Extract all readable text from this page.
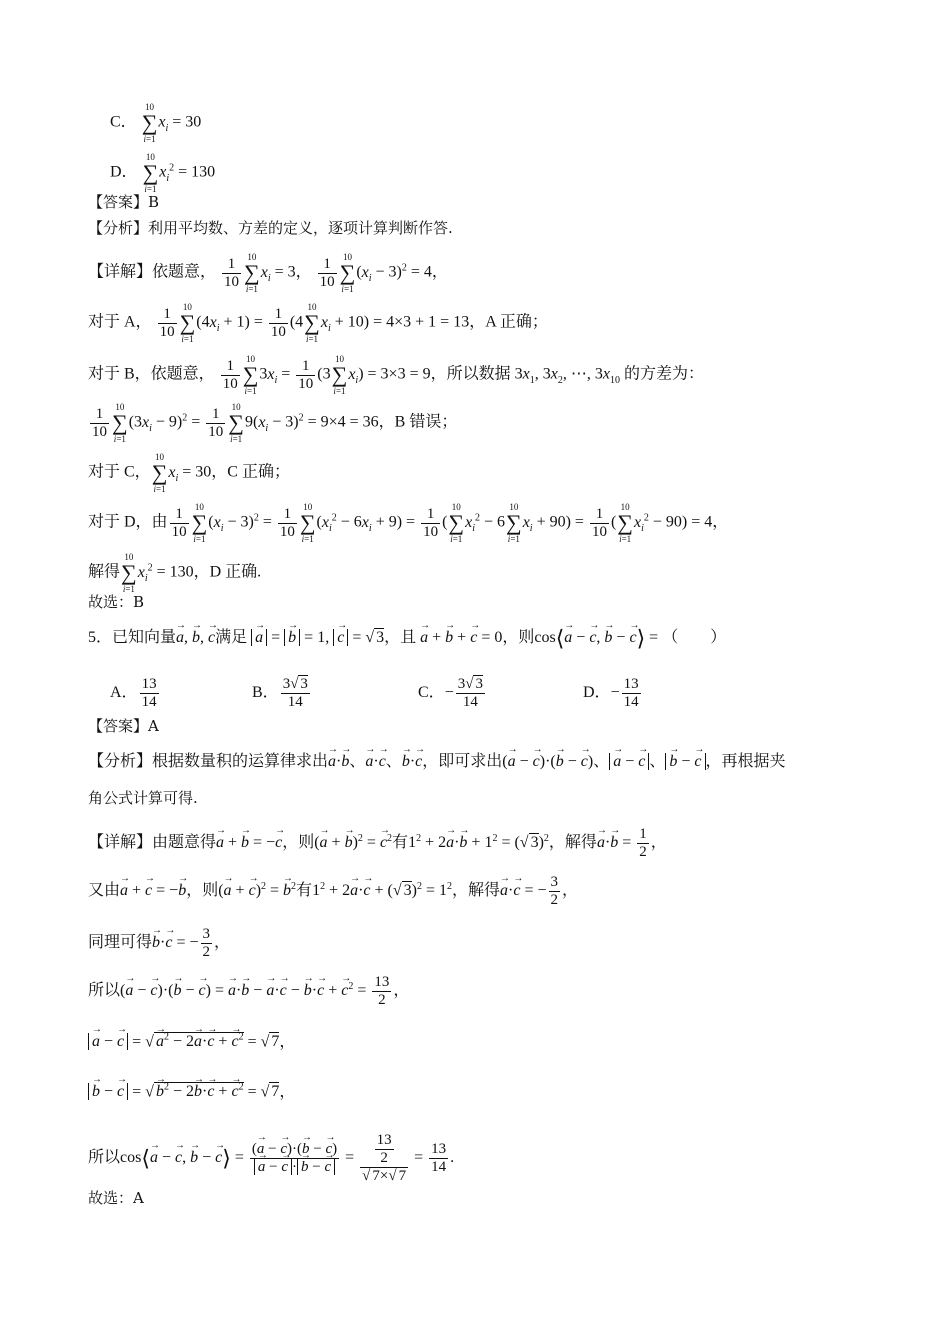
C．
10
∑
i=1
$x_i = 30$
D．
10
∑
i=1
$x_i^2 = 130$
【答案】B
【分析】利用平均数、方差的定义，逐项计算判断作答.
【详解】依题意， $\frac{1}{10} 10$
∑
i=1
$x_i = 3$， $\frac{1}{10} 10$
∑
i=1
$(x_i - 3)^2 = 4$，
对于 A， $\frac{1}{10} 10$
∑
i=1
$(4x_i + 1) = \frac{1}{10} (4$
10
∑
i=1
$x_i + 10) = 4\times 3 + 1 = 13$，A 正确；
对于 B，依题意， $\frac{1}{10} 10$
∑
i=1
$3x_i = \frac{1}{10} (3$
10
∑
i=1
$x_i) = 3\times 3 = 9$，所以数据 $3x_1$, $3x_2$, ⋯, $3x_{10}$ 的方差为：
$\frac{1}{10} 10$
∑
i=1
$(3x_i - 9)^2 = \frac{1}{10} 10$
∑
i=1
$9(x_i - 3)^2 = 9\times 4 = 36$，B 错误；
对于 C，
10
∑
i=1
$x_i = 30$，C 正确；
对于 D，由 $\frac{1}{10} 10$
∑
i=1
$(x_i - 3)^2 = \frac{1}{10} 10$
∑
i=1
$(x_i^2 - 6x_i + 9) = \frac{1}{10}$ (
10
∑
i=1
$x_i^2 - 6$
10
∑
i=1
$x_i + 90) = \frac{1}{10}$ (
10
∑
i=1
$x_i^2 - 90) = 4$，
解得
10
∑
i=1
$x_i^2 = 130$，D 正确.
故选：B
5．已知向量→ a, → b, → c满足 → a = → b = 1, → c = √ 3，且 → a + → b + → c = 0，则cos⟨→ a − → c, → b − → c⟩ = （　　）
A． $\frac{13}{14}$	B． $\frac{3√ 3}{14}$	C．− $\frac{3√ 3}{14}$	D．− $\frac{13}{14}$
【答案】A
【分析】根据数量积的运算律求出→ a·→ b、→ a·→ c、→ b·→ c，即可求出(→ a − → c)·(→ b − → c)、 → a − → c 、 → b − → c ，再根据夹
角公式计算可得.
【详解】由题意得→ a + → b = −→ c，则(→ a + → b)$^2$ = → $c^2$有$1^2 + 2\to a\cdot\to b + 1^2$ = (√ 3)$^2$，解得→ $a\cdot\to b = \frac{1}{2}$ ，
又由→ a + → c = −→ b，则(→ a + → c)$^2$ = → $b^2$有$1^2 + 2\to a\cdot\to c$ + (√ $3)^2 = 1^2$，解得→ a·→ c = − $\frac{3}{2}$ ，
同理可得→ b·→ c = − $\frac{3}{2}$ ，
所以(→ a − → c)·(→ b − → c) = → a·→ b − → a·→ c − → b·→ c + → $c^2 = \frac{13}{2}$ ，
→ a − → c = √ → $a^2 - 2\to a\cdot\to c$ + → $c^2$ = √ 7，
→ b − → c = √ → $b^2 - 2\to b\cdot\to c$ + → $c^2$ = √ 7，
所以cos⟨→ a − → c, → b − → c⟩ = (→ a − → c)·(→ b − → c)
→ a − → c · → b − → $c = \frac{\frac{13}{2}}{√ 7\times√ 7} = \frac{13}{14}$ .
故选：A
